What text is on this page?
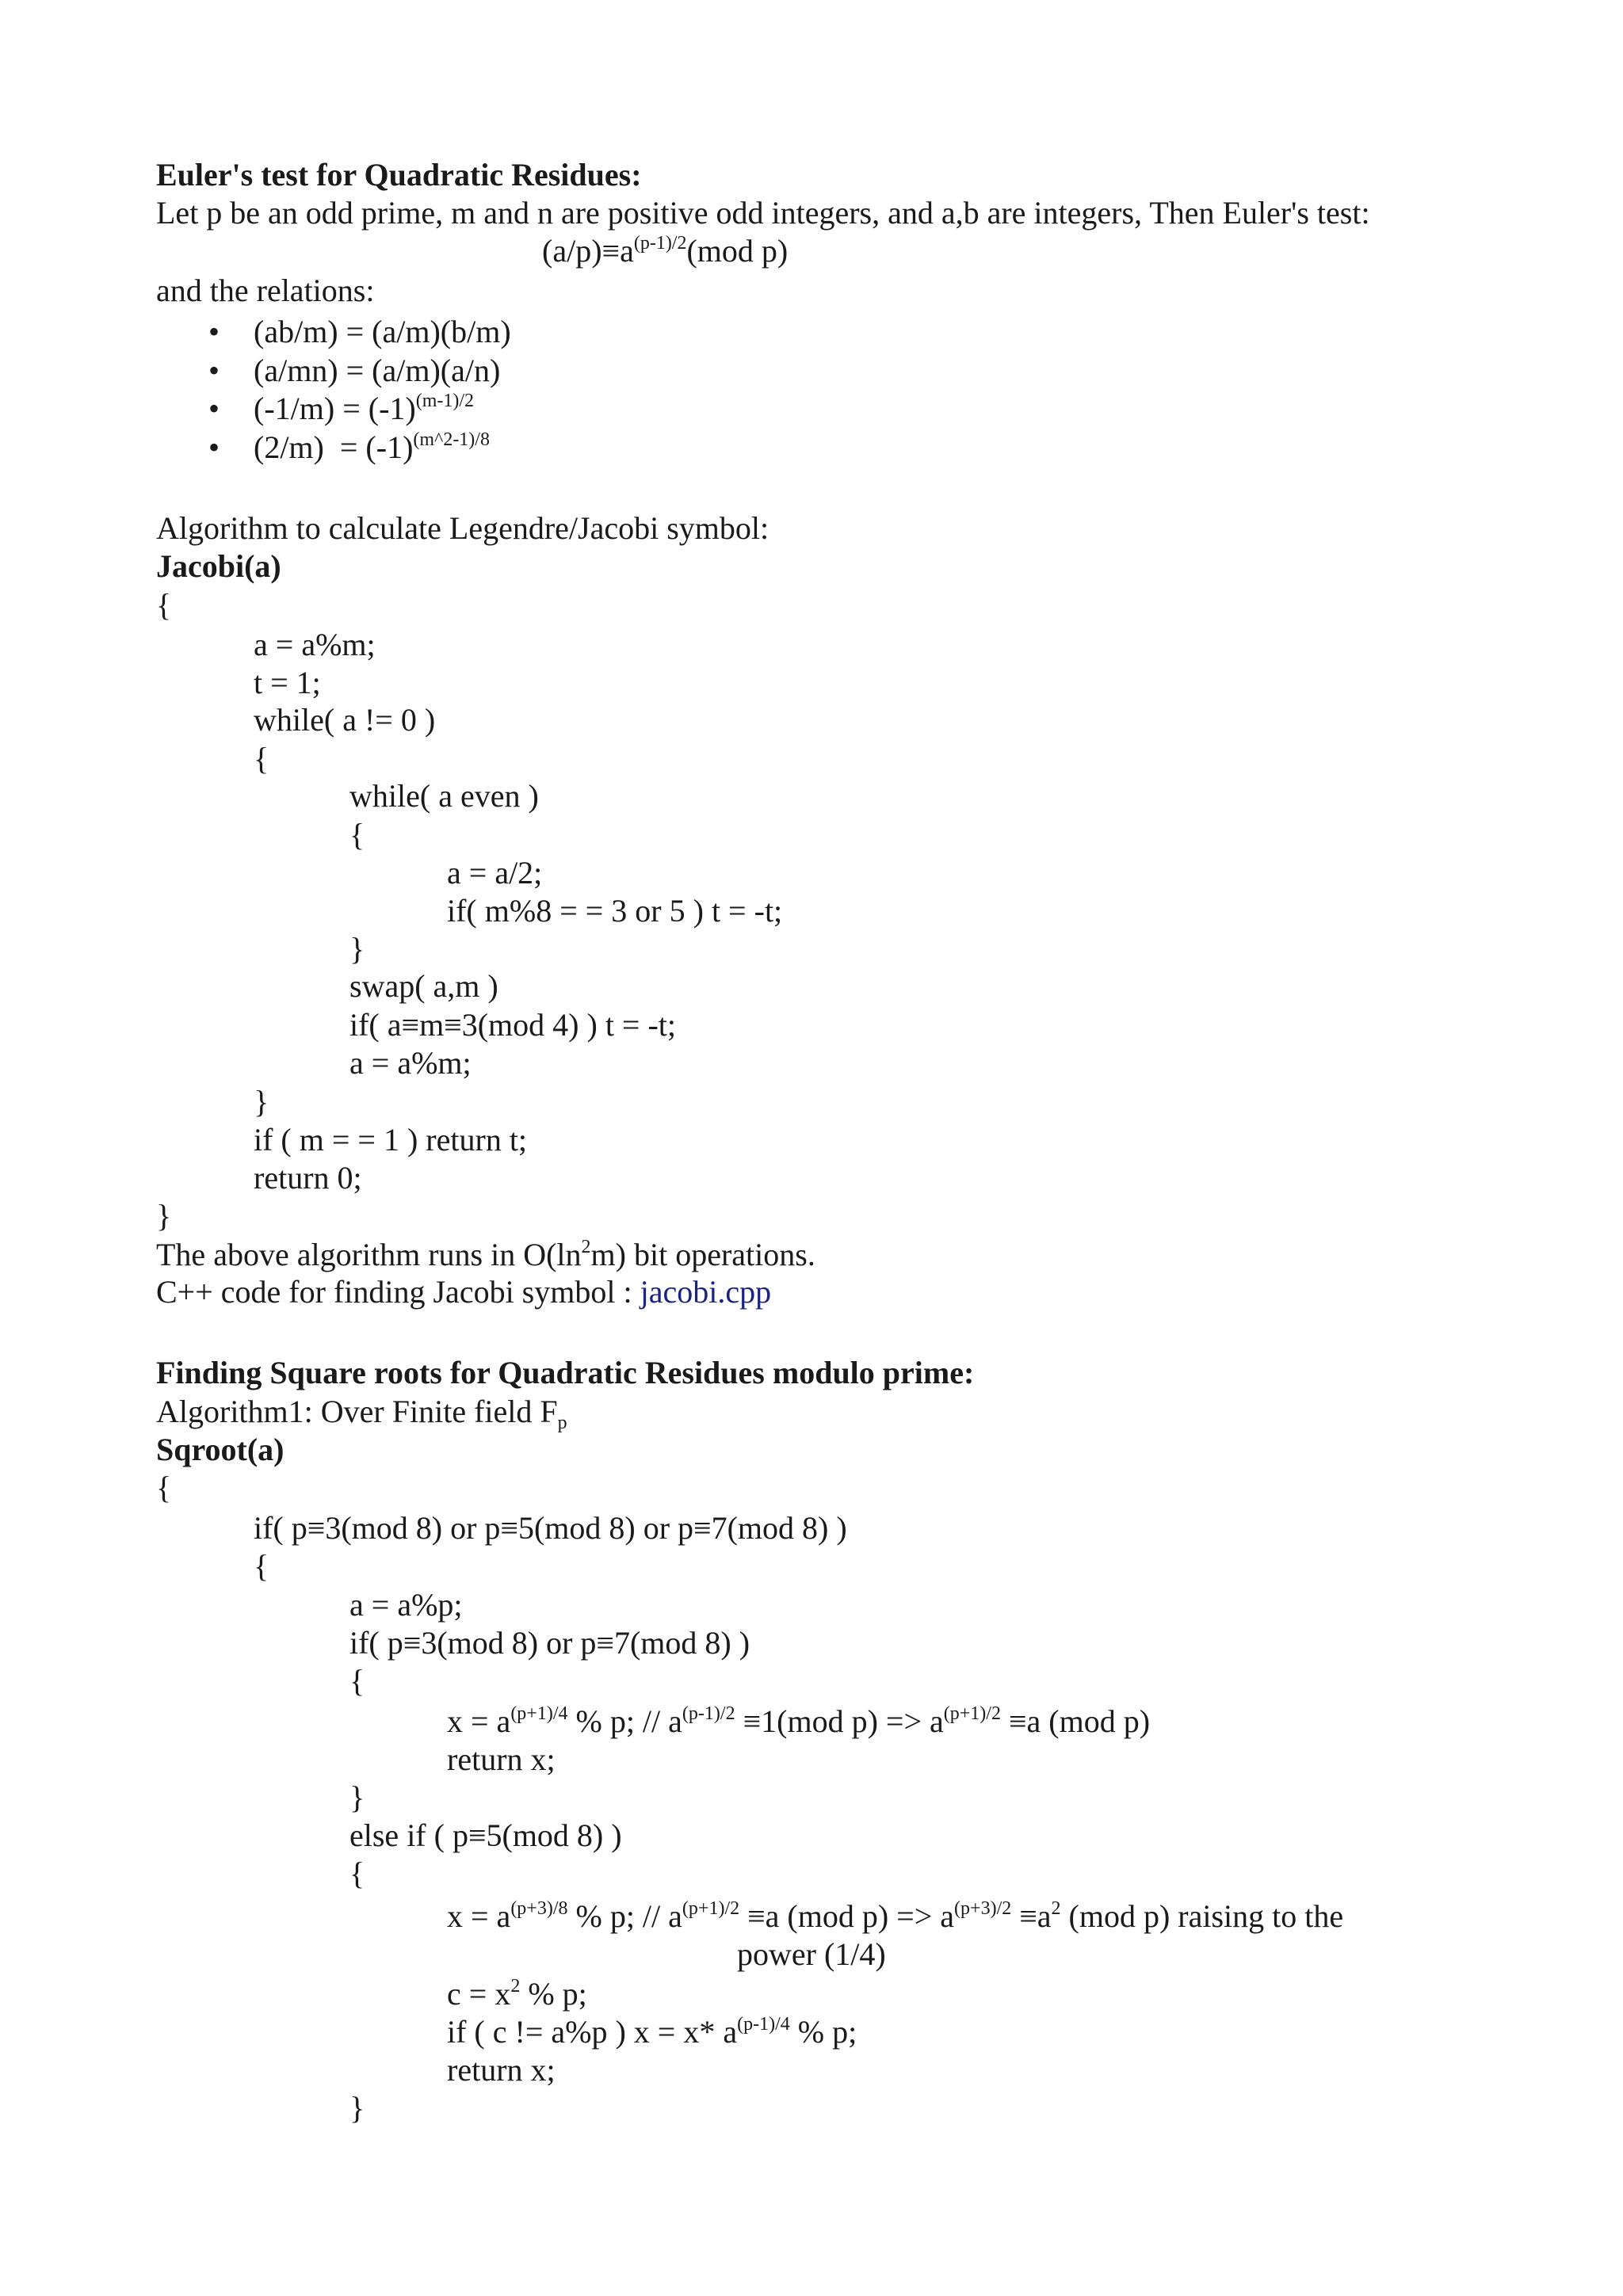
Euler's test for Quadratic Residues:
Let p be an odd prime, m and n are positive odd integers, and a,b are integers, Then Euler's test:
$(a/p)\equiv a^{(p-1)/2}(mod$ p)
and the relations:
• (ab/m) = (a/m)(b/m)
• (a/mn) = (a/m)(a/n)
• $(-1/m) = (-1)^{(m-1)/2}$
• $(2/m) = (-1)^{(m\^{}2-1)/8}$
Algorithm to calculate Legendre/Jacobi symbol:
Jacobi(a)
{
a = a%m;
t = 1;
while( a != 0 )
{
while( a even )
{
a = a/2;
if( m%8 = = 3 or 5 ) t = -t;
}
swap( a,m )
if( a≡m≡3(mod 4) ) t = -t;
a = a%m;
}
if ( m = = 1 ) return t;
return 0;
}
The above algorithm runs in $O(\ln^2m)$ bit operations.
C++ code for finding Jacobi symbol : jacobi.cpp
Finding Square roots for Quadratic Residues modulo prime:
Algorithm1: Over Finite field $F_p$
Sqroot(a)
{
if( p≡3(mod 8) or p≡5(mod 8) or p≡7(mod 8) )
{
a = a%p;
if( p≡3(mod 8) or p≡7(mod 8) )
{
$x = a^{(p+1)/4}$ % p; // $a^{(p-1)/2} \equiv 1(mod$ $p) => a^{(p+1)/2} \equiv a$ (mod p)
return x;
}
else if ( p≡5(mod 8) )
{
$x = a^{(p+3)/8}$ % p; // $a^{(p+1)/2} \equiv a$ (mod $p) => a^{(p+3)/2} \equiv a^2$ (mod p) raising to the
power (1/4)
$c = x^2$ % p;
if ( c != a%p ) x = x* $a^{(p-1)/4}$ % p;
return x;
}
